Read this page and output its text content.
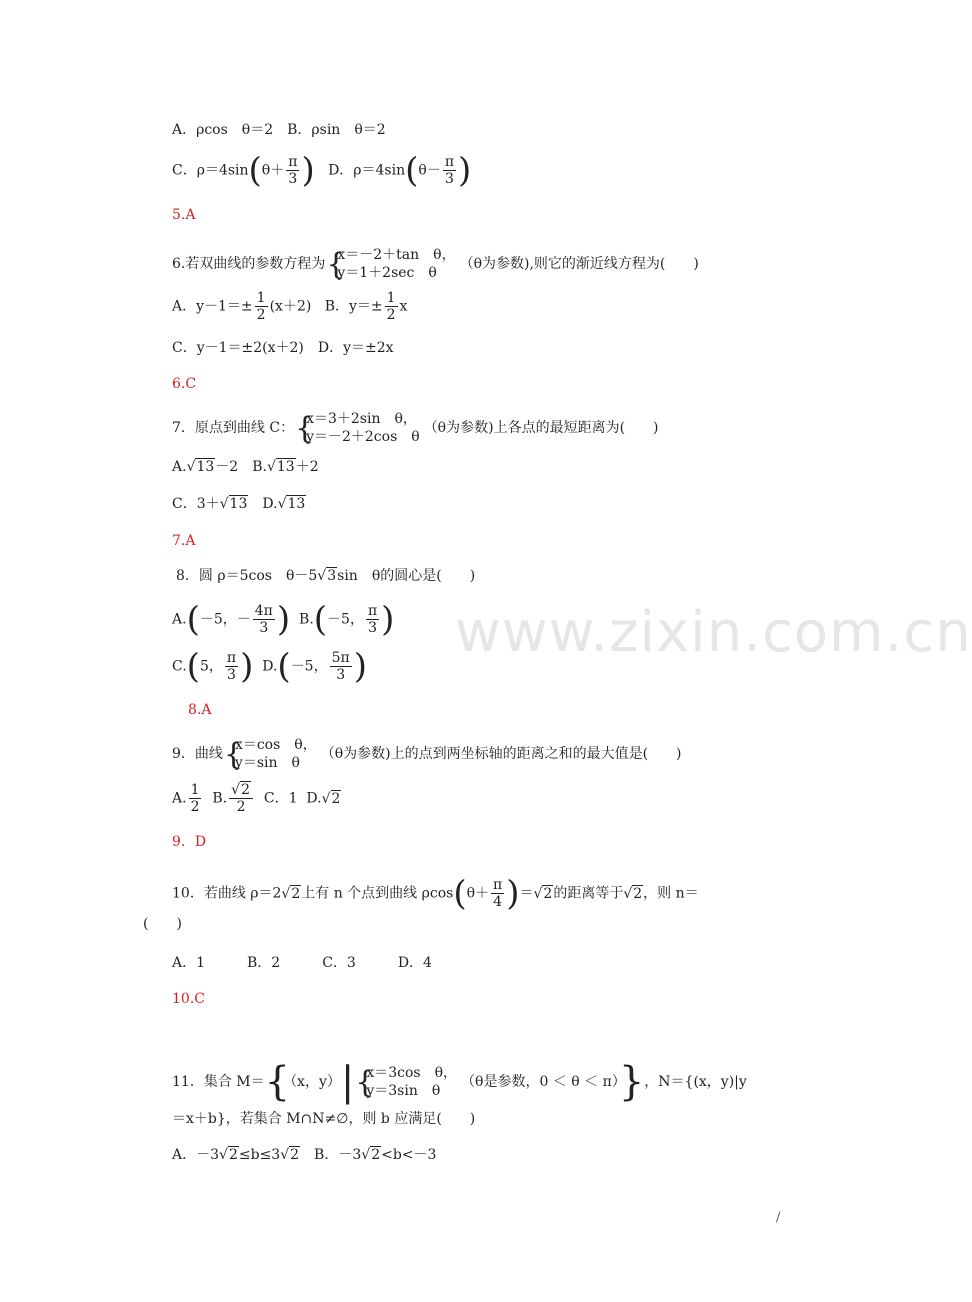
www.zixin.com.cn
A．ρcos　θ＝2　B．ρsin　θ＝2
C．$\rho=4\sin(\theta+ \frac{\pi}{3}$ ) D．$\rho=4\sin(\theta- \frac{\pi}{3}$ )
5.A
6.若双曲线的参数方程为
{ x＝－2＋tan　θ，
y＝1＋2sec　θ
（θ为参数),则它的渐近线方程为(　　)
A．$y-1=\pm \frac{1}{2} (x+2)$ B．$y=\pm \frac{1}{2}$ x
C．y－1＝±2(x＋2)　D．y＝±2x
6.C
7．原点到曲线 C：
{ x＝3＋2sin　θ，
y＝－2＋2cos　θ
（θ为参数)上各点的最短距离为(　　)
A.√13－2　B.√13＋2
C．3＋√13　D.√13
7.A
8．圆 ρ＝5cos　θ－5√3sin　θ的圆心是(　　)
A.(－5，－ $\frac{4\pi}{3}$ ) B.(－5， $\frac{\pi}{3}$ )
C.(5， $\frac{\pi}{3}$ ) D.(－5， $\frac{5\pi}{3}$ )
8.A
9．曲线
{ x＝cos　θ，
y＝sin　θ
（θ为参数)上的点到两坐标轴的距离之和的最大值是(　　)
A. $\frac{1}{2} B$. $\frac{√2}{2}$ C．1 D.√2
9．D
10．若曲线 ρ＝2√2上有 n 个点到曲线 $\rho\cos(\theta+ \frac{\pi}{4} )=√2$的距离等于√2，则 n＝
(　　)
A．1　　　B．2　　　C．3　　　D．4
10.C
11．集合 M＝{（x，y）|
{ x＝3cos　θ，
y＝3sin　θ
（θ是参数，0 ＜ θ ＜ π）}，N＝{(x，y)|y
＝x＋b}，若集合 M∩N≠∅，则 b 应满足(　　)
A．－3√2≤b≤3√2　B．－3√2<b<－3
/
